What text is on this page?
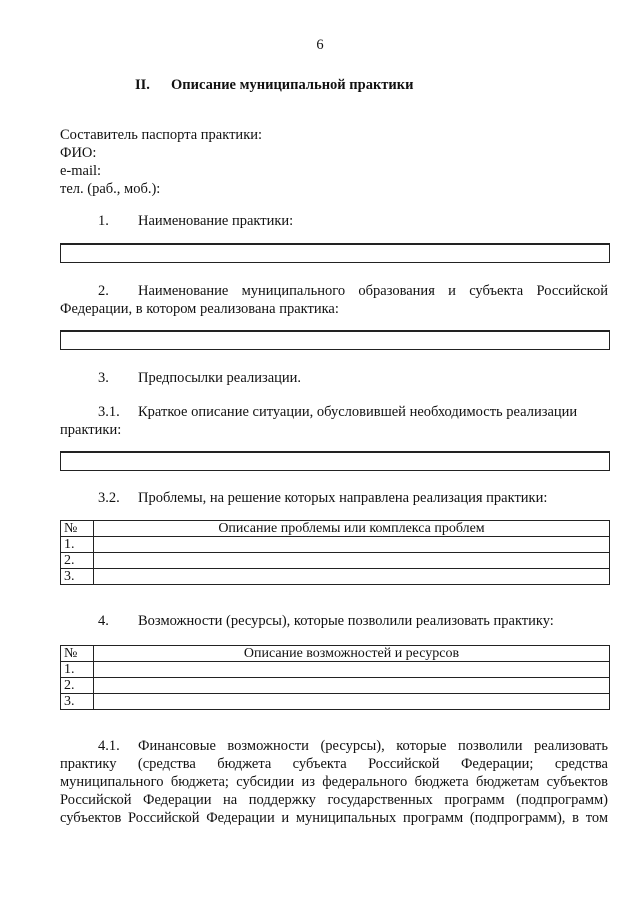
6
II. Описание муниципальной практики
Составитель паспорта практики:
ФИО:
e-mail:
тел. (раб., моб.):
1. Наименование практики:
2. Наименование муниципального образования и субъекта Российской
Федерации, в котором реализована практика:
3. Предпосылки реализации.
3.1. Краткое описание ситуации, обусловившей необходимость реализации
практики:
3.2. Проблемы, на решение которых направлена реализация практики:
№	Описание проблемы или комплекса проблем
1.	
2.	
3.	
4. Возможности (ресурсы), которые позволили реализовать практику:
№	Описание возможностей и ресурсов
1.	
2.	
3.	
4.1. Финансовые возможности (ресурсы), которые позволили реализовать
практику (средства бюджета субъекта Российской Федерации; средства
муниципального бюджета; субсидии из федерального бюджета бюджетам субъектов
Российской Федерации на поддержку государственных программ (подпрограмм)
субъектов Российской Федерации и муниципальных программ (подпрограмм), в том
